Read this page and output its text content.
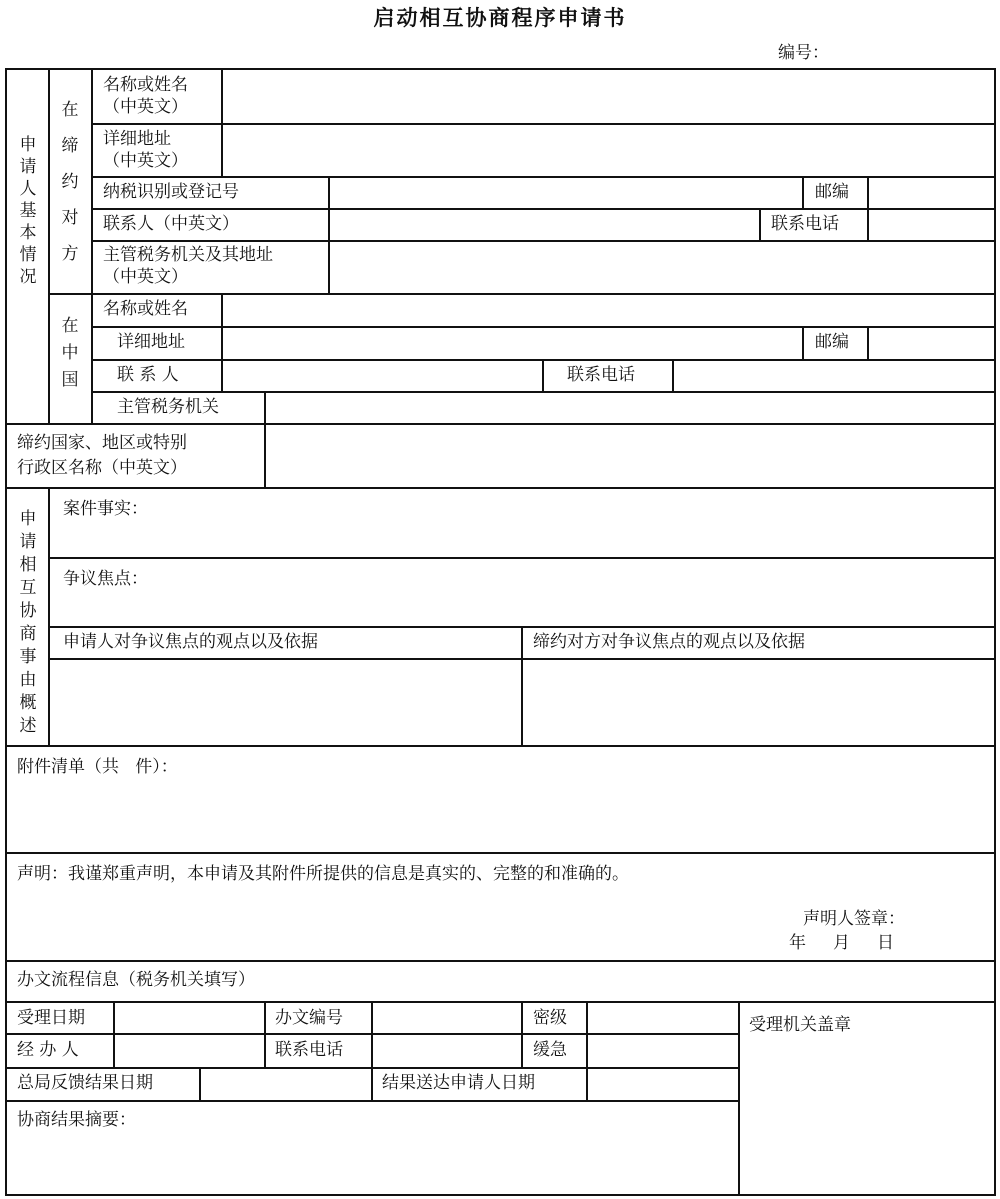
启动相互协商程序申请书
编号：
申请人基本情况
在缔约对方
在中国
名称或姓名
（中英文）
详细地址
（中英文）
纳税识别或登记号	邮编
联系人（中英文）	联系电话
主管税务机关及其地址
（中英文）
名称或姓名
详细地址	邮编
联 系 人	联系电话
主管税务机关
缔约国家、地区或特别
行政区名称（中英文）
申请相互协商事由概述
案件事实：
争议焦点：
申请人对争议焦点的观点以及依据	缔约对方对争议焦点的观点以及依据
附件清单（共   件）：
声明：我谨郑重声明，本申请及其附件所提供的信息是真实的、完整的和准确的。
声明人签章：
年     月     日
办文流程信息（税务机关填写）
受理日期	办文编号	密级	受理机关盖章
经 办 人	联系电话	缓急
总局反馈结果日期	结果送达申请人日期
协商结果摘要：
